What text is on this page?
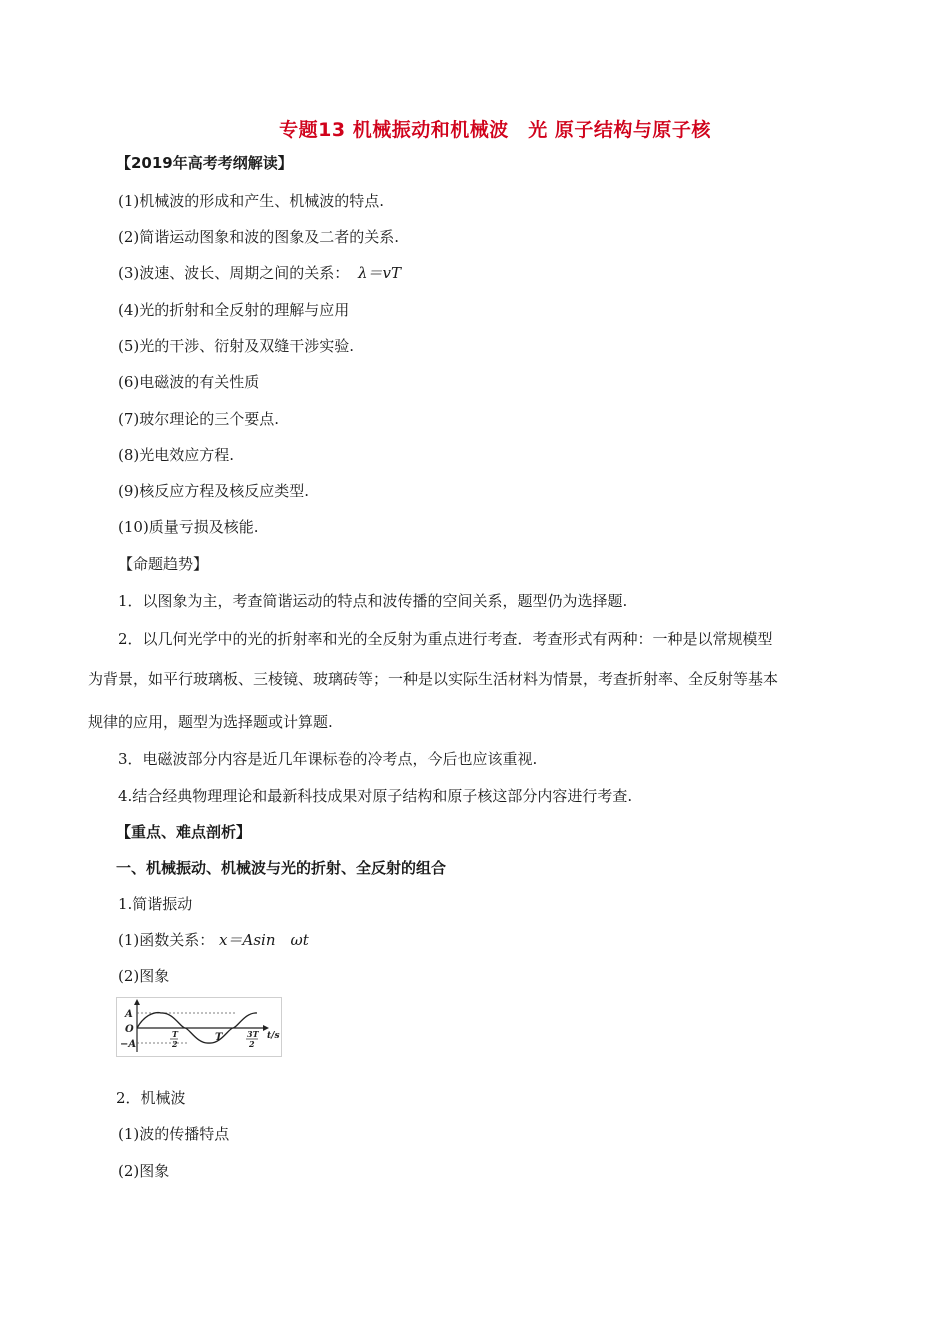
专题13 机械振动和机械波　光 原子结构与原子核
【2019年高考考纲解读】
(1)机械波的形成和产生、机械波的特点.
(2)简谐运动图象和波的图象及二者的关系.
(3)波速、波长、周期之间的关系： λ＝vT
(4)光的折射和全反射的理解与应用
(5)光的干涉、衍射及双缝干涉实验.
(6)电磁波的有关性质
(7)玻尔理论的三个要点.
(8)光电效应方程.
(9)核反应方程及核反应类型.
(10)质量亏损及核能.
【命题趋势】
1．以图象为主，考查简谐运动的特点和波传播的空间关系，题型仍为选择题.
2．以几何光学中的光的折射率和光的全反射为重点进行考查．考查形式有两种：一种是以常规模型
为背景，如平行玻璃板、三棱镜、玻璃砖等；一种是以实际生活材料为情景，考查折射率、全反射等基本
规律的应用，题型为选择题或计算题.
3．电磁波部分内容是近几年课标卷的冷考点，今后也应该重视.
4.结合经典物理理论和最新科技成果对原子结构和原子核这部分内容进行考查.
【重点、难点剖析】
一、机械振动、机械波与光的折射、全反射的组合
1.简谐振动
(1)函数关系： x＝Asin　ωt
(2)图象
A
O
−A
T
2
T	3T
2
t/s
2．机械波
(1)波的传播特点
(2)图象
